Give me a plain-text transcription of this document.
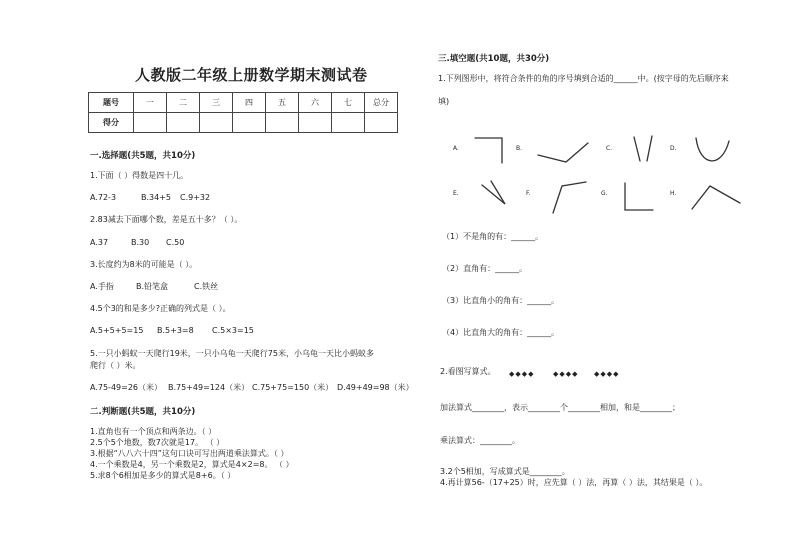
人教版二年级上册数学期末测试卷
题号	一	二	三	四	五	六	七	总分
得分								
一.选择题(共5题，共10分)
1.下面（ ）得数是四十几。
A.72-3	B.34+5 C.9+32
2.83减去下面哪个数，差是五十多？（ ）。
A.37	B.30 C.50
3.长度约为8米的可能是（ ）。
A.手指	B.铅笔盒	C.铁丝
4.5个3的和是多少?正确的列式是（ ）。
A.5+5+5=15 B.5+3=8 C.5×3=15
5.一只小蚂蚁一天爬行19米，一只小乌龟一天爬行75米，小乌龟一天比小蚂蚁多
爬行（ ）米。
A.75-49=26（米） B.75+49=124（米） C.75+75=150（米） D.49+49=98（米）
二.判断题(共5题，共10分)
1.直角也有一个顶点和两条边。（ ）
2.5个5个地数，数7次就是17。 （ ）
3.根据“八八六十四”这句口诀可写出两道乘法算式。（ ）
4.一个乘数是4，另一个乘数是2，算式是4×2=8。 （ ）
5.求8个6相加是多少的算式是8+6。（ ）
三.填空题(共10题，共30分)
1.下列图形中，将符合条件的角的序号填到合适的______中。(按字母的先后顺序来
填)
A.	B.	C.	D.
E.	F.	G.	H.
（1）不是角的有：______。
（2）直角有：______。
（3）比直角小的角有：______。
（4）比直角大的角有：______。
2.看图写算式。 ◆◆◆◆	◆◆◆◆ ◆◆◆◆
加法算式________，表示________个________相加，和是________；
乘法算式：________。
3.2个5相加，写成算式是________。
4.再计算56-（17+25）时，应先算（ ）法，再算（ ）法，其结果是（ ）。
